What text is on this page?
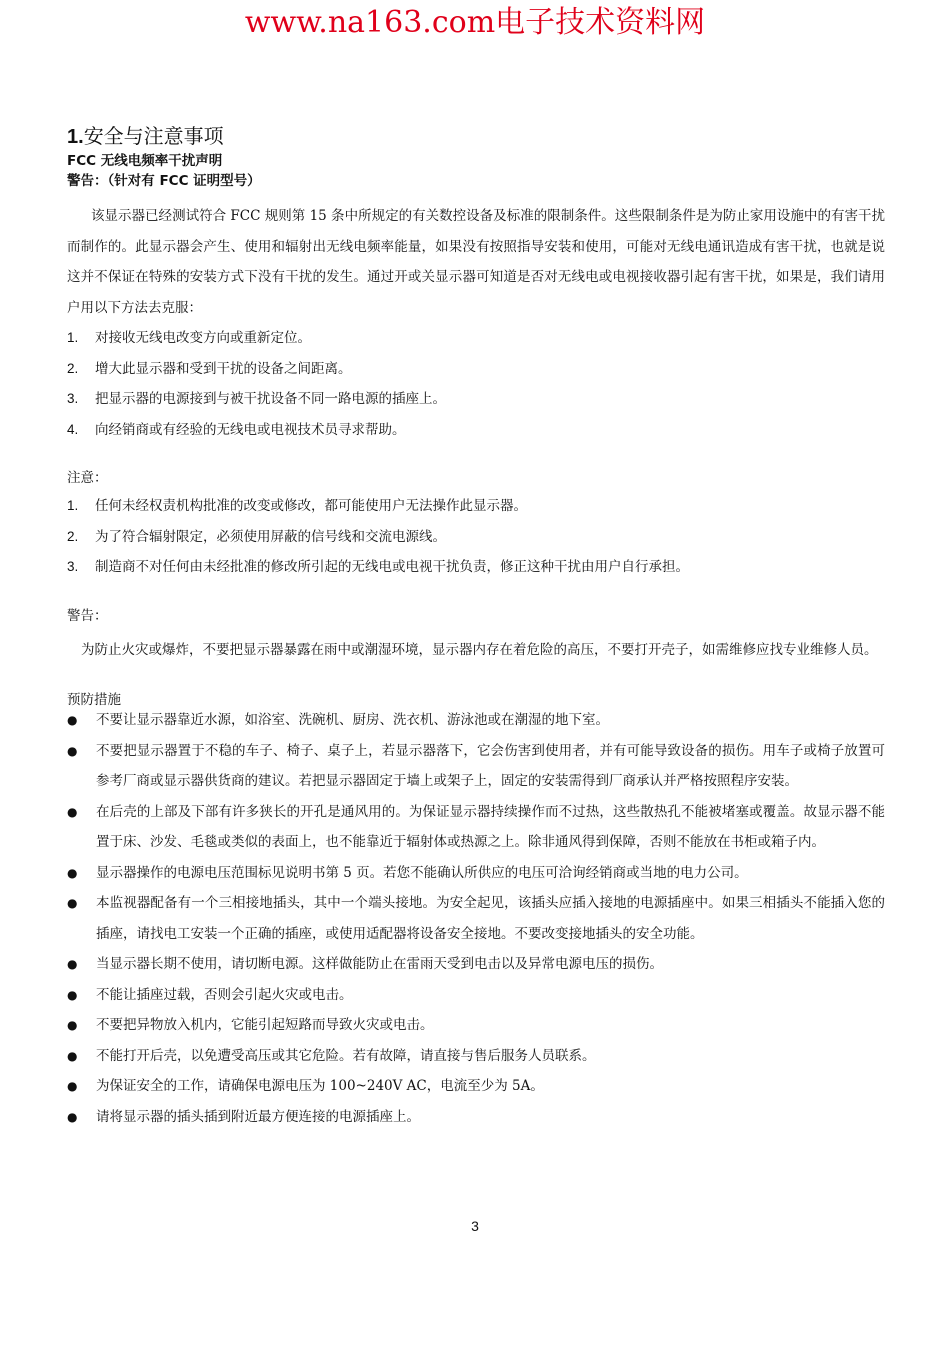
www.na163.com电子技术资料网
1.安全与注意事项
FCC 无线电频率干扰声明
警告：（针对有 FCC 证明型号）
该显示器已经测试符合 FCC 规则第 15 条中所规定的有关数控设备及标准的限制条件。这些限制条件是为防止家用设施中的有害干扰而制作的。此显示器会产生、使用和辐射出无线电频率能量，如果没有按照指导安装和使用，可能对无线电通讯造成有害干扰，也就是说这并不保证在特殊的安装方式下没有干扰的发生。通过开或关显示器可知道是否对无线电或电视接收器引起有害干扰，如果是，我们请用户用以下方法去克服：
1.	对接收无线电改变方向或重新定位。
2.	增大此显示器和受到干扰的设备之间距离。
3.	把显示器的电源接到与被干扰设备不同一路电源的插座上。
4.	向经销商或有经验的无线电或电视技术员寻求帮助。
注意：
1.	任何未经权责机构批准的改变或修改，都可能使用户无法操作此显示器。
2.	为了符合辐射限定，必须使用屏蔽的信号线和交流电源线。
3.	制造商不对任何由未经批准的修改所引起的无线电或电视干扰负责，修正这种干扰由用户自行承担。
警告：
为防止火灾或爆炸，不要把显示器暴露在雨中或潮湿环境，显示器内存在着危险的高压，不要打开壳子，如需维修应找专业维修人员。
预防措施
●	不要让显示器靠近水源，如浴室、洗碗机、厨房、洗衣机、游泳池或在潮湿的地下室。
●	不要把显示器置于不稳的车子、椅子、桌子上，若显示器落下，它会伤害到使用者，并有可能导致设备的损伤。用车子或椅子放置可参考厂商或显示器供货商的建议。若把显示器固定于墙上或架子上，固定的安装需得到厂商承认并严格按照程序安装。
●	在后壳的上部及下部有许多狭长的开孔是通风用的。为保证显示器持续操作而不过热，这些散热孔不能被堵塞或覆盖。故显示器不能置于床、沙发、毛毯或类似的表面上，也不能靠近于辐射体或热源之上。除非通风得到保障，否则不能放在书柜或箱子内。
●	显示器操作的电源电压范围标见说明书第 5 页。若您不能确认所供应的电压可洽询经销商或当地的电力公司。
●	本监视器配备有一个三相接地插头，其中一个端头接地。为安全起见，该插头应插入接地的电源插座中。如果三相插头不能插入您的插座，请找电工安装一个正确的插座，或使用适配器将设备安全接地。不要改变接地插头的安全功能。
●	当显示器长期不使用，请切断电源。这样做能防止在雷雨天受到电击以及异常电源电压的损伤。
●	不能让插座过载，否则会引起火灾或电击。
●	不要把异物放入机内，它能引起短路而导致火灾或电击。
●	不能打开后壳，以免遭受高压或其它危险。若有故障，请直接与售后服务人员联系。
●	为保证安全的工作，请确保电源电压为 100~240V AC，电流至少为 5A。
●	请将显示器的插头插到附近最方便连接的电源插座上。
3
